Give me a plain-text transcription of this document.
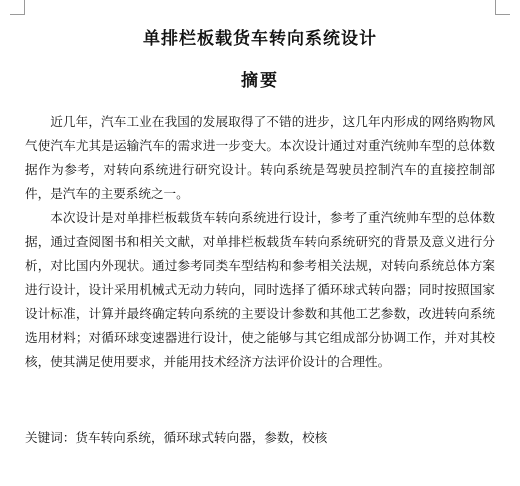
单排栏板载货车转向系统设计
摘要

近几年，汽车工业在我国的发展取得了不错的进步，这几年内形成的网络购物风气使汽车尤其是运输汽车的需求进一步变大。本次设计通过对重汽统帅车型的总体数据作为参考，对转向系统进行研究设计。转向系统是驾驶员控制汽车的直接控制部件，是汽车的主要系统之一。

本次设计是对单排栏板载货车转向系统进行设计，参考了重汽统帅车型的总体数据，通过查阅图书和相关文献，对单排栏板载货车转向系统研究的背景及意义进行分析，对比国内外现状。通过参考同类车型结构和参考相关法规，对转向系统总体方案进行设计，设计采用机械式无动力转向，同时选择了循环球式转向器；同时按照国家设计标准，计算并最终确定转向系统的主要设计参数和其他工艺参数，改进转向系统选用材料；对循环球变速器进行设计，使之能够与其它组成部分协调工作，并对其校核，使其满足使用要求，并能用技术经济方法评价设计的合理性。

关键词：货车转向系统，循环球式转向器，参数，校核
